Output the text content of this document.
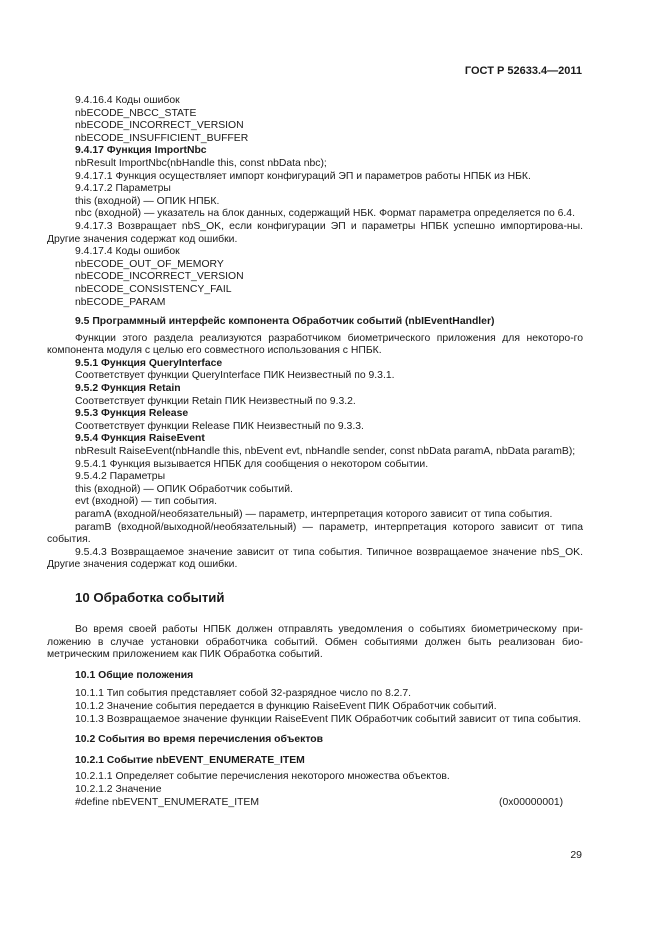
ГОСТ Р 52633.4—2011

9.4.16.4 Коды ошибок

nbECODE_NBCC_STATE

nbECODE_INCORRECT_VERSION

nbECODE_INSUFFICIENT_BUFFER

9.4.17 Функция ImportNbc

nbResult ImportNbc(nbHandle this, const nbData nbc);

9.4.17.1 Функция осуществляет импорт конфигураций ЭП и параметров работы НПБК из НБК.

9.4.17.2 Параметры

this (входной) — ОПИК НПБК.

nbc (входной) — указатель на блок данных, содержащий НБК. Формат параметра определяется по 6.4.

9.4.17.3 Возвращает nbS_OK, если конфигурации ЭП и параметры НПБК успешно импортирова-ны. Другие значения содержат код ошибки.

9.4.17.4 Коды ошибок

nbECODE_OUT_OF_MEMORY

nbECODE_INCORRECT_VERSION

nbECODE_CONSISTENCY_FAIL

nbECODE_PARAM

9.5 Программный интерфейс компонента Обработчик событий (nbIEventHandler)

Функции этого раздела реализуются разработчиком биометрического приложения для некоторо-го компонента модуля с целью его совместного использования с НПБК.

9.5.1 Функция QueryInterface

Соответствует функции QueryInterface ПИК Неизвестный по 9.3.1.

9.5.2 Функция Retain

Соответствует функции Retain ПИК Неизвестный по 9.3.2.

9.5.3 Функция Release

Соответствует функции Release ПИК Неизвестный по 9.3.3.

9.5.4 Функция RaiseEvent

nbResult RaiseEvent(nbHandle this, nbEvent evt, nbHandle sender, const nbData paramA, nbData paramB);

9.5.4.1 Функция вызывается НПБК для сообщения о некотором событии.

9.5.4.2 Параметры

this (входной) — ОПИК Обработчик событий.

evt (входной) — тип события.

paramA (входной/необязательный) — параметр, интерпретация которого зависит от типа события.

paramB (входной/выходной/необязательный) — параметр, интерпретация которого зависит от типа события.

9.5.4.3 Возвращаемое значение зависит от типа события. Типичное возвращаемое значение nbS_OK. Другие значения содержат код ошибки.

10 Обработка событий

Во время своей работы НПБК должен отправлять уведомления о событиях биометрическому при-ложению в случае установки обработчика событий. Обмен событиями должен быть реализован био-метрическим приложением как ПИК Обработка событий.

10.1 Общие положения

10.1.1 Тип события представляет собой 32-разрядное число по 8.2.7.

10.1.2 Значение события передается в функцию RaiseEvent ПИК Обработчик событий.

10.1.3 Возвращаемое значение функции RaiseEvent ПИК Обработчик событий зависит от типа события.

10.2 События во время перечисления объектов

10.2.1 Событие nbEVENT_ENUMERATE_ITEM

10.2.1.1 Определяет событие перечисления некоторого множества объектов.

10.2.1.2 Значение

#define nbEVENT_ENUMERATE_ITEM	(0x00000001)

29
